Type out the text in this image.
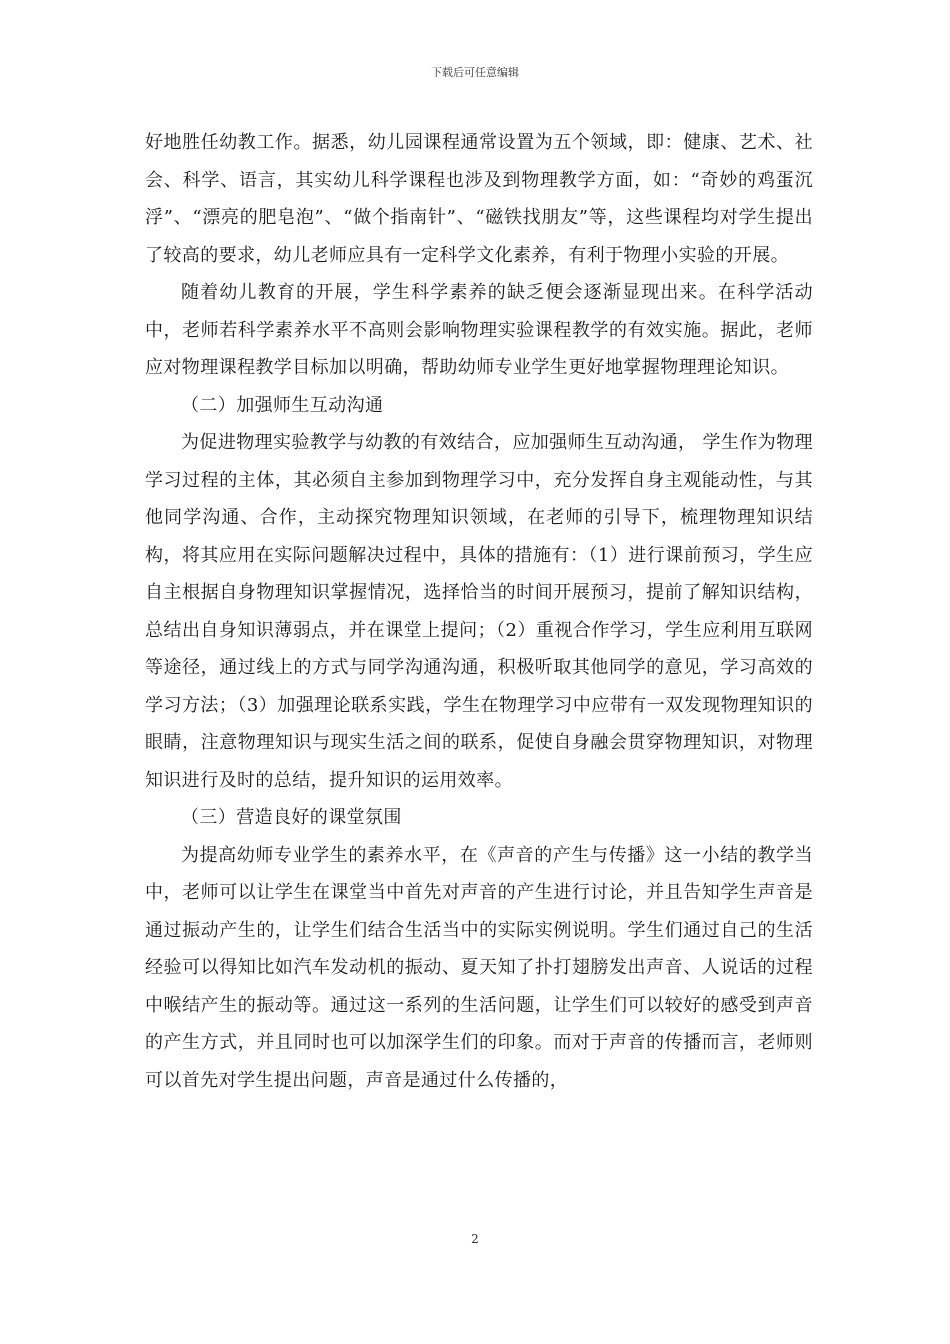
下载后可任意编辑

好地胜任幼教工作。据悉，幼儿园课程通常设置为五个领域，即：健康、艺术、社会、科学、语言，其实幼儿科学课程也涉及到物理教学方面，如：“奇妙的鸡蛋沉浮”、“漂亮的肥皂泡”、“做个指南针”、“磁铁找朋友”等，这些课程均对学生提出了较高的要求，幼儿老师应具有一定科学文化素养，有利于物理小实验的开展。

随着幼儿教育的开展，学生科学素养的缺乏便会逐渐显现出来。在科学活动中，老师若科学素养水平不高则会影响物理实验课程教学的有效实施。据此，老师应对物理课程教学目标加以明确，帮助幼师专业学生更好地掌握物理理论知识。

（二）加强师生互动沟通

为促进物理实验教学与幼教的有效结合，应加强师生互动沟通， 学生作为物理学习过程的主体，其必须自主参加到物理学习中，充分发挥自身主观能动性，与其他同学沟通、合作，主动探究物理知识领域，在老师的引导下，梳理物理知识结构，将其应用在实际问题解决过程中，具体的措施有：（1）进行课前预习，学生应自主根据自身物理知识掌握情况，选择恰当的时间开展预习，提前了解知识结构，总结出自身知识薄弱点，并在课堂上提问；（2）重视合作学习，学生应利用互联网等途径，通过线上的方式与同学沟通沟通，积极听取其他同学的意见，学习高效的学习方法；（3）加强理论联系实践，学生在物理学习中应带有一双发现物理知识的眼睛，注意物理知识与现实生活之间的联系，促使自身融会贯穿物理知识，对物理知识进行及时的总结，提升知识的运用效率。

（三）营造良好的课堂氛围

为提高幼师专业学生的素养水平，在《声音的产生与传播》这一小结的教学当中，老师可以让学生在课堂当中首先对声音的产生进行讨论，并且告知学生声音是通过振动产生的，让学生们结合生活当中的实际实例说明。学生们通过自己的生活经验可以得知比如汽车发动机的振动、夏天知了扑打翅膀发出声音、人说话的过程中喉结产生的振动等。通过这一系列的生活问题，让学生们可以较好的感受到声音的产生方式，并且同时也可以加深学生们的印象。而对于声音的传播而言，老师则可以首先对学生提出问题，声音是通过什么传播的，

2
